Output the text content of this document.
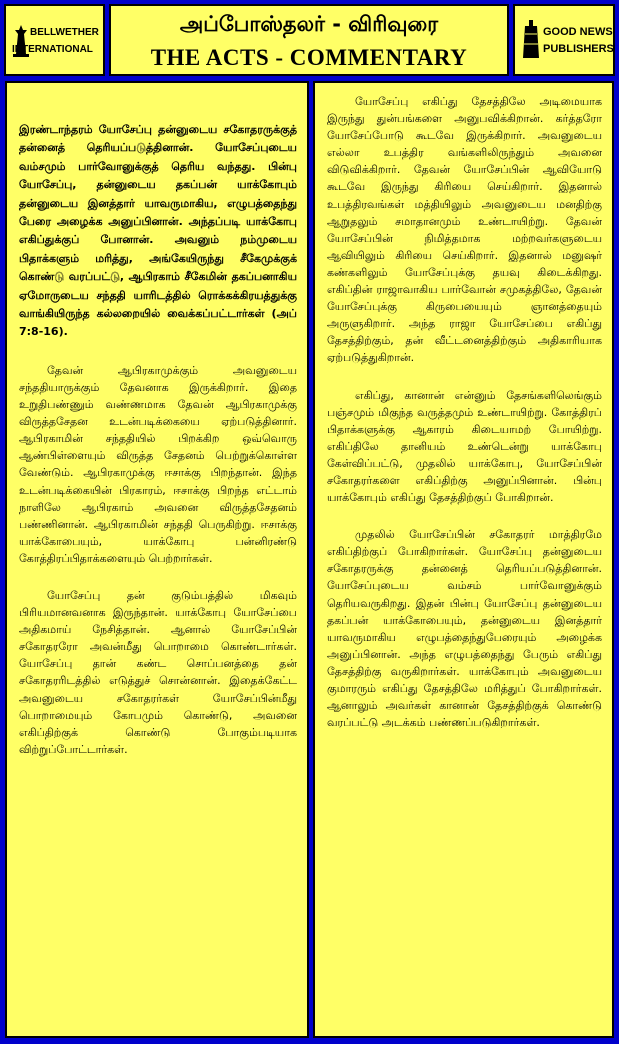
BELLWETHER
INTERNATIONAL
அப்போஸ்தலர் - விரிவுரை
THE ACTS - COMMENTARY
GOOD NEWS
PUBLISHERS

இரண்டாந்தரம் யோசேப்பு தன்னுடைய சகோதரருக்குத் தன்னைத் தெரியப்படுத்தினான். யோசேப்புடைய வம்சமும் பார்வோனுக்குத் தெரிய வந்தது. பின்பு யோசேப்பு, தன்னுடைய தகப்பன் யாக்கோபும் தன்னுடைய இனத்தார் யாவருமாகிய, எழுபத்தைந்து பேரை அழைக்க அனுப்பினான். அந்தப்படி யாக்கோபு எகிப்துக்குப் போனான். அவனும் நம்முடைய பிதாக்களும் மரித்து, அங்கேயிருந்து சீகேமுக்குக் கொண்டு வரப்பட்டு, ஆபிரகாம் சீகேமின் தகப்பனாகிய ஏமோருடைய சந்ததி யாரிடத்தில் ரொக்கக்கிரயத்துக்கு வாங்கியிருந்த கல்லறையில் வைக்கப்பட்டார்கள் (அப் 7:8-16).

தேவன் ஆபிரகாமுக்கும் அவனுடைய சந்ததியாருக்கும் தேவனாக இருக்கிறார். இதை உறுதிபண்ணும் வண்ணமாக தேவன் ஆபிரகாமுக்கு விருத்தசேதன உடன்படிக்கையை ஏற்படுத்தினார். ஆபிரகாமின் சந்ததியில் பிறக்கிற ஒவ்வொரு ஆண்பிள்ளையும் விருத்த சேதனம் பெற்றுக்கொள்ள வேண்டும். ஆபிரகாமுக்கு ஈசாக்கு பிறந்தான். இந்த உடன்படிக்கையின் பிரகாரம், ஈசாக்கு பிறந்த எட்டாம் நாளிலே ஆபிரகாம் அவனை விருத்தசேதனம் பண்ணினான். ஆபிரகாமின் சந்ததி பெருகிற்று. ஈசாக்கு யாக்கோபையும், யாக்கோபு பன்னிரண்டு கோத்திரப்பிதாக்களையும் பெற்றார்கள்.

யோசேப்பு தன் குடும்பத்தில் மிகவும் பிரியமானவனாக இருந்தான். யாக்கோபு யோசேப்பை அதிகமாய் நேசித்தான். ஆனால் யோசேப்பின் சகோதரரோ அவன்மீது பொறாமை கொண்டார்கள். யோசேப்பு தான் கண்ட சொப்பனத்தை தன் சகோதரரிடத்தில் எடுத்துச் சொன்னான். இதைக்கேட்ட அவனுடைய சகோதரர்கள் யோசேப்பின்மீது பொறாமையும் கோபமும் கொண்டு, அவனை எகிப்திற்குக் கொண்டு போகும்படியாக விற்றுப்போட்டார்கள்.

யோசேப்பு எகிப்து தேசத்திலே அடிமையாக இருந்து துன்பங்களை அனுபவிக்கிறான். கர்த்தரோ யோசேப்போடு கூடவே இருக்கிறார். அவனுடைய எல்லா உபத்திர வங்களிலிருந்தும் அவனை விடுவிக்கிறார். தேவன் யோசேப்பின் ஆவியோடு கூடவே இருந்து கிரியை செய்கிறார். இதனால் உபத்திரவங்கள் மத்தியிலும் அவனுடைய மனதிற்கு ஆறுதலும் சமாதானமும் உண்டாயிற்று. தேவன் யோசேப்பின் நிமித்தமாக மற்றவர்களுடைய ஆவியிலும் கிரியை செய்கிறார். இதனால் மனுஷர் கண்களிலும் யோசேப்புக்கு தயவு கிடைக்கிறது. எகிப்தின் ராஜாவாகிய பார்வோன் சமுகத்திலே, தேவன் யோசேப்புக்கு கிருபையையும் ஞானத்தையும் அருளுகிறார். அந்த ராஜா யோசேப்பை எகிப்து தேசத்திற்கும், தன் வீட்டனைத்திற்கும் அதிகாரியாக ஏற்படுத்துகிறான்.

எகிப்து, கானான் என்னும் தேசங்களிலெங்கும் பஞ்சமும் மிகுந்த வருத்தமும் உண்டாயிற்று. கோத்திரப் பிதாக்களுக்கு ஆகாரம் கிடையாமற் போயிற்று. எகிப்திலே தானியம் உண்டென்று யாக்கோபு கேள்விப்பட்டு, முதலில் யாக்கோபு, யோசேப்பின் சகோதரர்களை எகிப்திற்கு அனுப்பினான். பின்பு யாக்கோபும் எகிப்து தேசத்திற்குப் போகிறான்.

முதலில் யோசேப்பின் சகோதரர் மாத்திரமே எகிப்திற்குப் போகிறார்கள். யோசேப்பு தன்னுடைய சகோதரருக்கு தன்னைத் தெரியப்படுத்தினான். யோசேப்புடைய வம்சம் பார்வோனுக்கும் தெரியவருகிறது. இதன் பின்பு யோசேப்பு தன்னுடைய தகப்பன் யாக்கோபையும், தன்னுடைய இனத்தார் யாவருமாகிய எழுபத்தைந்துபேரையும் அழைக்க அனுப்பினான். அந்த எழுபத்தைந்து பேரும் எகிப்து தேசத்திற்கு வருகிறார்கள். யாக்கோபும் அவனுடைய குமாரரும் எகிப்து தேசத்திலே மரித்துப் போகிறார்கள். ஆனாலும் அவர்கள் கானான் தேசத்திற்குக் கொண்டு வரப்பட்டு அடக்கம் பண்ணப்படுகிறார்கள்.
